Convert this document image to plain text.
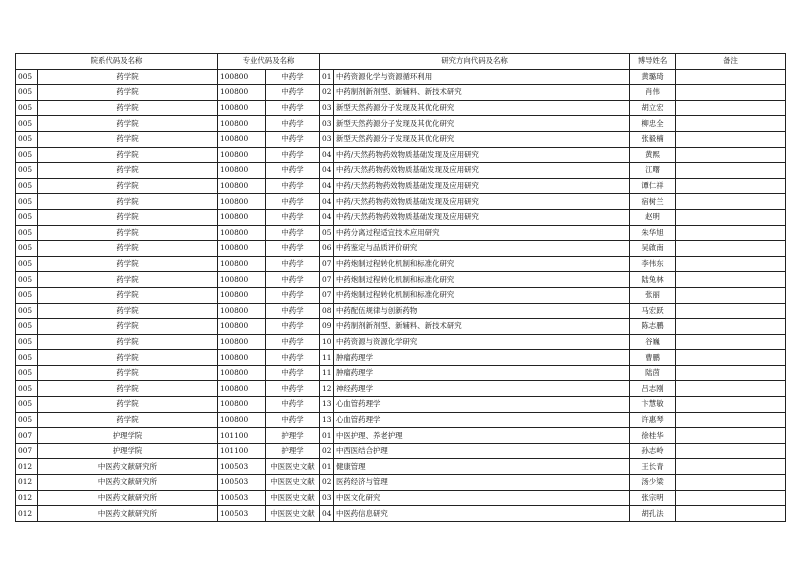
院系代码及名称		专业代码及名称		研究方向代码及名称		博导姓名	备注
005	药学院	100800	中药学	01	中药资源化学与资源循环利用	黄璐琦	
005	药学院	100800	中药学	02	中药制剂新剂型、新辅料、新技术研究	肖伟	
005	药学院	100800	中药学	03	新型天然药源分子发现及其优化研究	胡立宏	
005	药学院	100800	中药学	03	新型天然药源分子发现及其优化研究	柳忠全	
005	药学院	100800	中药学	03	新型天然药源分子发现及其优化研究	张毅楠	
005	药学院	100800	中药学	04	中药/天然药物药效物质基础发现及应用研究	黄熙	
005	药学院	100800	中药学	04	中药/天然药物药效物质基础发现及应用研究	江曙	
005	药学院	100800	中药学	04	中药/天然药物药效物质基础发现及应用研究	谭仁祥	
005	药学院	100800	中药学	04	中药/天然药物药效物质基础发现及应用研究	宿树兰	
005	药学院	100800	中药学	04	中药/天然药物药效物质基础发现及应用研究	赵明	
005	药学院	100800	中药学	05	中药分离过程适宜技术应用研究	朱华旭	
005	药学院	100800	中药学	06	中药鉴定与品质评价研究	吴啟南	
005	药学院	100800	中药学	07	中药炮制过程转化机制和标准化研究	李伟东	
005	药学院	100800	中药学	07	中药炮制过程转化机制和标准化研究	陆兔林	
005	药学院	100800	中药学	07	中药炮制过程转化机制和标准化研究	张丽	
005	药学院	100800	中药学	08	中药配伍规律与创新药物	马宏跃	
005	药学院	100800	中药学	09	中药制剂新剂型、新辅料、新技术研究	陈志鹏	
005	药学院	100800	中药学	10	中药资源与资源化学研究	谷巍	
005	药学院	100800	中药学	11	肿瘤药理学	曹鹏	
005	药学院	100800	中药学	11	肿瘤药理学	陆茵	
005	药学院	100800	中药学	12	神经药理学	吕志刚	
005	药学院	100800	中药学	13	心血管药理学	卞慧敏	
005	药学院	100800	中药学	13	心血管药理学	许惠琴	
007	护理学院	101100	护理学	01	中医护理、养老护理	徐桂华	
007	护理学院	101100	护理学	02	中西医结合护理	孙志岭	
012	中医药文献研究所	100503	中医医史文献	01	健康管理	王长青	
012	中医药文献研究所	100503	中医医史文献	02	医药经济与管理	汤少梁	
012	中医药文献研究所	100503	中医医史文献	03	中医文化研究	张宗明	
012	中医药文献研究所	100503	中医医史文献	04	中医药信息研究	胡孔法	
